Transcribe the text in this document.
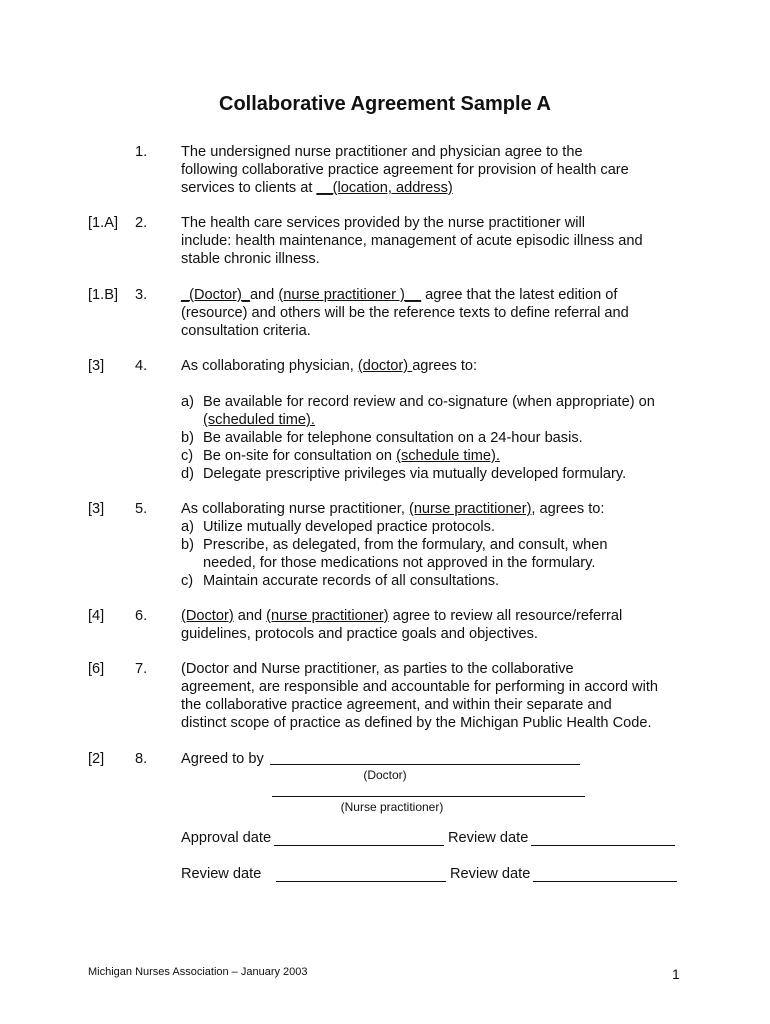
Collaborative Agreement Sample A
1. The undersigned nurse practitioner and physician agree to the
following collaborative practice agreement for provision of health care
services to clients at __(location, address)
[1.A] 2. The health care services provided by the nurse practitioner will
include: health maintenance, management of acute episodic illness and
stable chronic illness.
[1.B] 3. _(Doctor)_and (nurse practitioner )__ agree that the latest edition of
(resource) and others will be the reference texts to define referral and
consultation criteria.
[3] 4. As collaborating physician, (doctor) agrees to:
a) Be available for record review and co-signature (when appropriate) on
(scheduled time).
b) Be available for telephone consultation on a 24-hour basis.
c) Be on-site for consultation on (schedule time).
d) Delegate prescriptive privileges via mutually developed formulary.
[3] 5. As collaborating nurse practitioner, (nurse practitioner), agrees to:
a) Utilize mutually developed practice protocols.
b) Prescribe, as delegated, from the formulary, and consult, when
needed, for those medications not approved in the formulary.
c) Maintain accurate records of all consultations.
[4] 6. (Doctor) and (nurse practitioner) agree to review all resource/referral
guidelines, protocols and practice goals and objectives.
[6] 7. (Doctor and Nurse practitioner, as parties to the collaborative
agreement, are responsible and accountable for performing in accord with
the collaborative practice agreement, and within their separate and
distinct scope of practice as defined by the Michigan Public Health Code.
[2] 8. Agreed to by
(Doctor)
(Nurse practitioner)
Approval date	Review date
Review date	Review date
Michigan Nurses Association – January 2003	1
